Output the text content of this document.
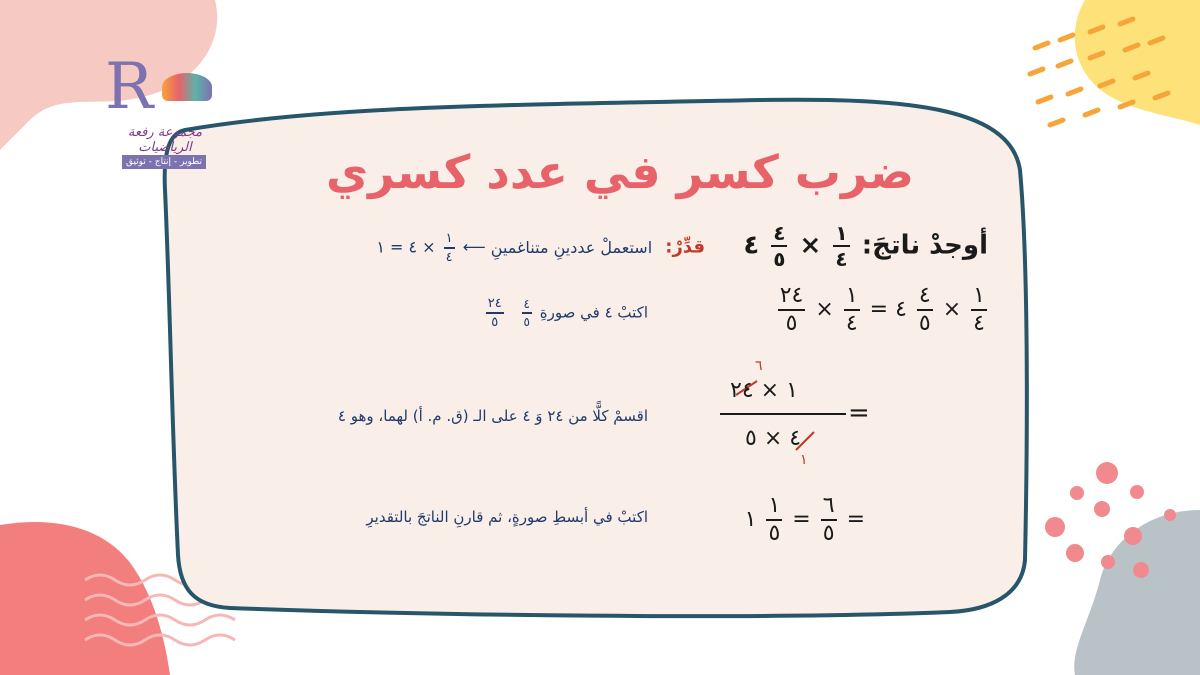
R
مجموعة رفعة الرياضيات
تطوير - إنتاج - توثيق	ضرب كسر في عدد كسري
أوجدْ ناتجَ:
$\frac{١}{٤}$
×
$\frac{٤}{٥}$
٤
قدِّرْ: استعملْ عددينِ متناغمينِ ⟵
$\frac{١}{٤}$
× ٤ = ١
اكتبْ ٤ في صورةِ
$\frac{٤}{٥}$

$\frac{٢٤}{٥}$	$\frac{١}{٤}$
×
$\frac{٤}{٥}$
٤ =
$\frac{١}{٤}$
×
$\frac{٢٤}{٥}$
اقسمْ كلًّا من ٢٤ وَ ٤ على الـ (ق. م. أ) لهما، وهو ٤
١ × ٢٤
٤ × ٥
٦
١
=
اكتبْ في أبسطِ صورةٍ، ثم قارنِ الناتجَ بالتقديرِ	=
$\frac{٦}{٥}$
=
$\frac{١}{٥}$
١
